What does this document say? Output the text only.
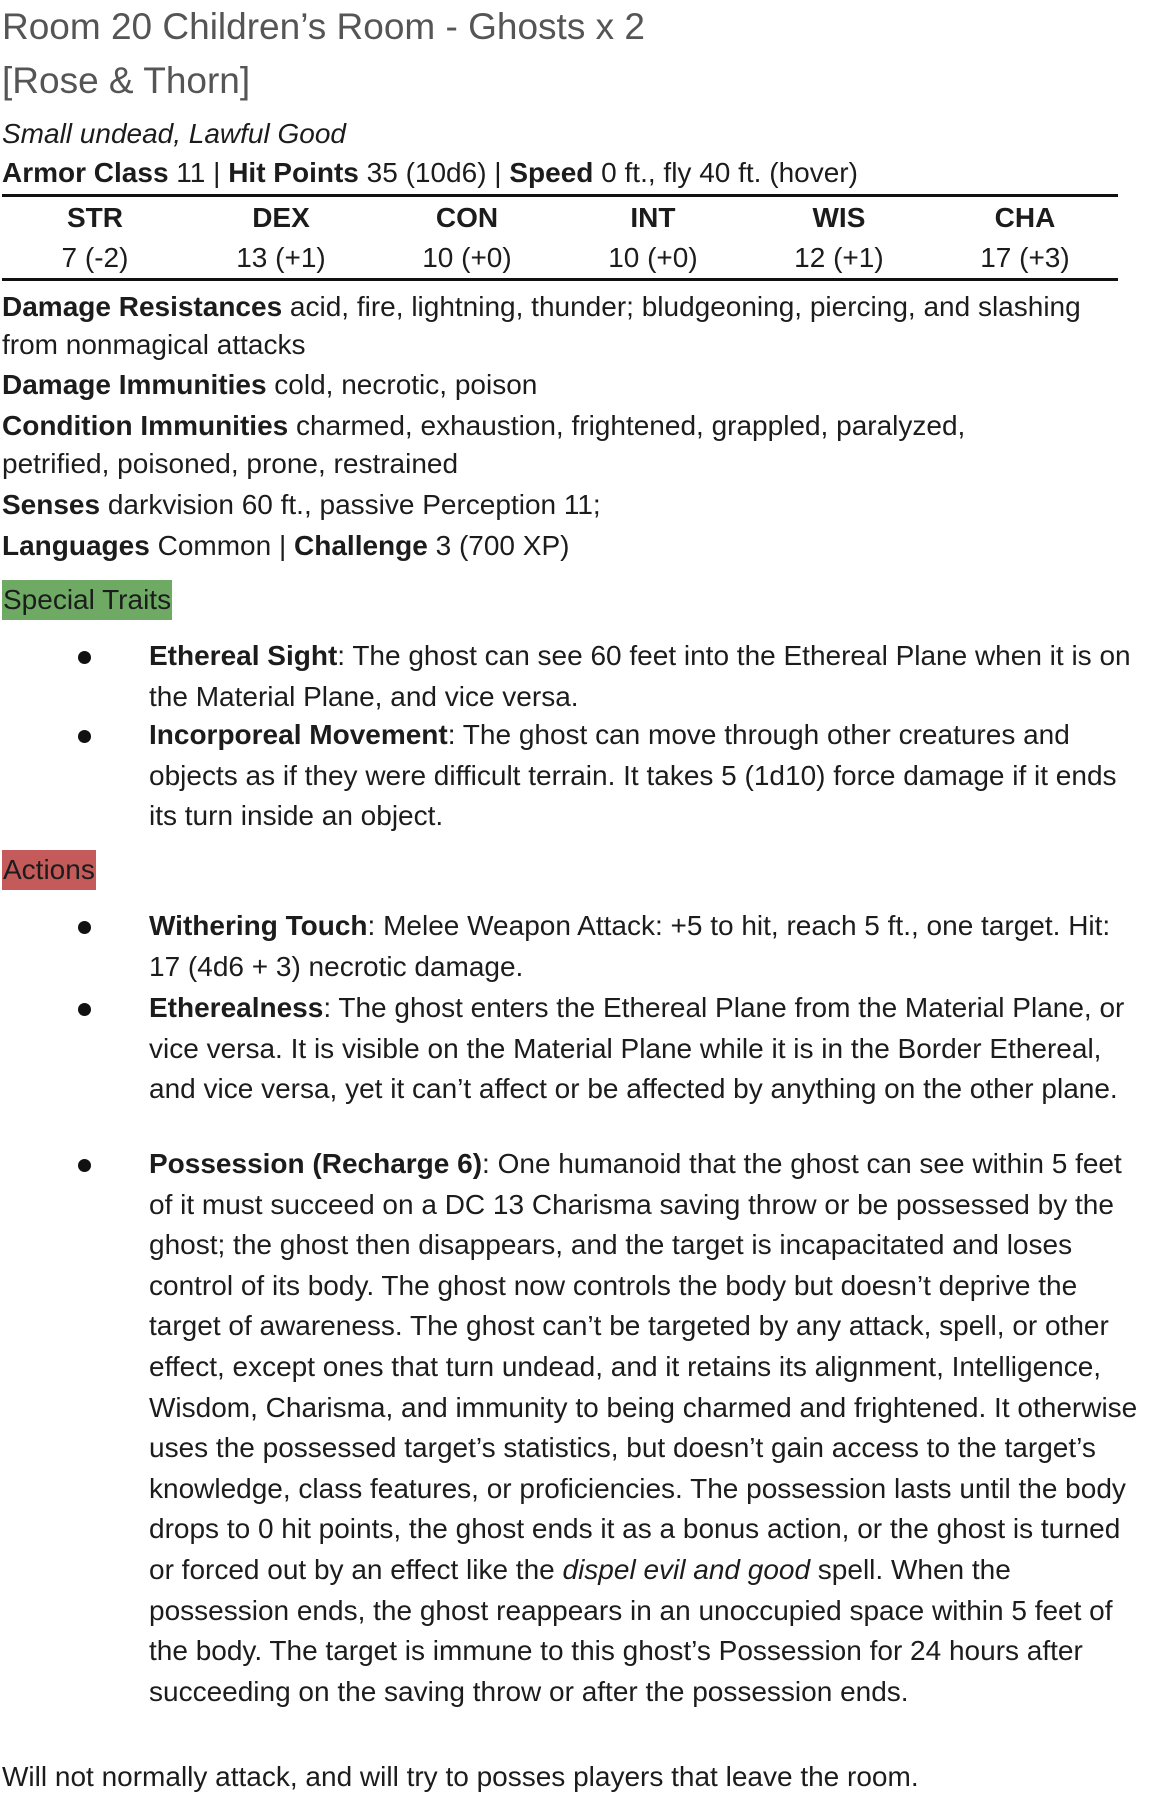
Room 20 Children’s Room - Ghosts x 2
[Rose & Thorn]
Small undead, Lawful Good
Armor Class 11 | Hit Points 35 (10d6) | Speed 0 ft., fly 40 ft. (hover)
STR	DEX	CON	INT	WIS	CHA
7 (-2)	13 (+1)	10 (+0)	10 (+0)	12 (+1)	17 (+3)
Damage Resistances acid, fire, lightning, thunder; bludgeoning, piercing, and slashing
from nonmagical attacks
Damage Immunities cold, necrotic, poison
Condition Immunities charmed, exhaustion, frightened, grappled, paralyzed,
petrified, poisoned, prone, restrained
Senses darkvision 60 ft., passive Perception 11;
Languages Common | Challenge 3 (700 XP)
Special Traits

Ethereal Sight: The ghost can see 60 feet into the Ethereal Plane when it is on the Material Plane, and vice versa.

Incorporeal Movement: The ghost can move through other creatures and objects as if they were difficult terrain. It takes 5 (1d10) force damage if it ends its turn inside an object.

Actions

Withering Touch: Melee Weapon Attack: +5 to hit, reach 5 ft., one target. Hit: 17 (4d6 + 3) necrotic damage.

Etherealness: The ghost enters the Ethereal Plane from the Material Plane, or vice versa. It is visible on the Material Plane while it is in the Border Ethereal, and vice versa, yet it can’t affect or be affected by anything on the other plane.

Possession (Recharge 6): One humanoid that the ghost can see within 5 feet of it must succeed on a DC 13 Charisma saving throw or be possessed by the ghost; the ghost then disappears, and the target is incapacitated and loses control of its body. The ghost now controls the body but doesn’t deprive the target of awareness. The ghost can’t be targeted by any attack, spell, or other effect, except ones that turn undead, and it retains its alignment, Intelligence, Wisdom, Charisma, and immunity to being charmed and frightened. It otherwise uses the possessed target’s statistics, but doesn’t gain access to the target’s knowledge, class features, or proficiencies. The possession lasts until the body drops to 0 hit points, the ghost ends it as a bonus action, or the ghost is turned or forced out by an effect like the dispel evil and good spell. When the possession ends, the ghost reappears in an unoccupied space within 5 feet of the body. The target is immune to this ghost’s Possession for 24 hours after succeeding on the saving throw or after the possession ends.

Will not normally attack, and will try to posses players that leave the room.
